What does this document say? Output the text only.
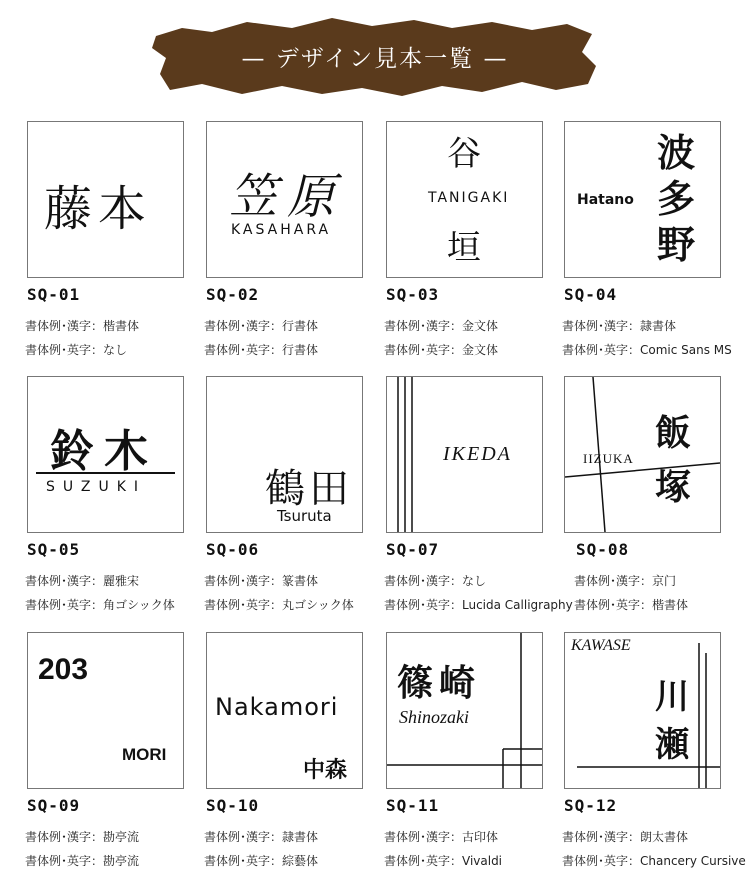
— デザイン見本一覧 —
藤本
SQ-01
書体例･漢字：楷書体
書体例･英字：なし
笠原
KASAHARA
SQ-02
書体例･漢字：行書体
書体例･英字：行書体
谷
TANIGAKI
垣
SQ-03
書体例･漢字：金文体
書体例･英字：金文体
Hatano
波
多
野
SQ-04
書体例･漢字：隷書体
書体例･英字：Comic Sans MS
鈴木
SUZUKI
SQ-05
書体例･漢字：麗雅宋
書体例･英字：角ゴシック体
鶴田
Tsuruta
SQ-06
書体例･漢字：篆書体
書体例･英字：丸ゴシック体
IKEDA
SQ-07
書体例･漢字：なし
書体例･英字：Lucida Calligraphy
IIZUKA
飯
塚
SQ-08
書体例･漢字：京门
書体例･英字：楷書体
203
MORI
SQ-09
書体例･漢字：勘亭流
書体例･英字：勘亭流
Nakamori
中森
SQ-10
書体例･漢字：隷書体
書体例･英字：綜藝体
篠崎
Shinozaki
SQ-11
書体例･漢字：古印体
書体例･英字：Vivaldi
KAWASE
川
瀬
SQ-12
書体例･漢字：朗太書体
書体例･英字：Chancery Cursive
